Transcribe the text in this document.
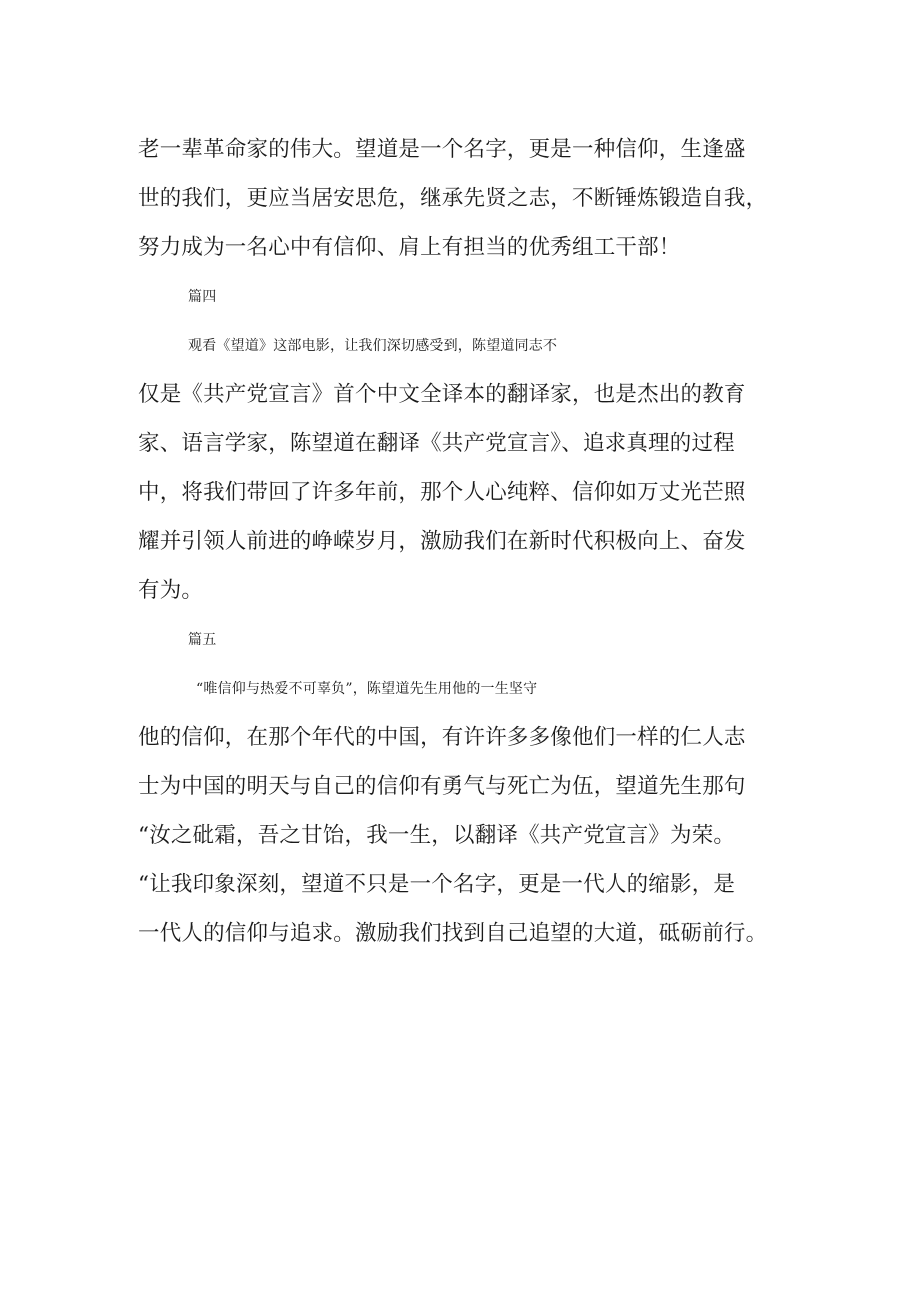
老一辈革命家的伟大。望道是一个名字，更是一种信仰，生逢盛
世的我们，更应当居安思危，继承先贤之志，不断锤炼锻造自我，
努力成为一名心中有信仰、肩上有担当的优秀组工干部！
篇四
观看《望道》这部电影，让我们深切感受到，陈望道同志不
仅是《共产党宣言》首个中文全译本的翻译家，也是杰出的教育
家、语言学家，陈望道在翻译《共产党宣言》、追求真理的过程
中，将我们带回了许多年前，那个人心纯粹、信仰如万丈光芒照
耀并引领人前进的峥嵘岁月，激励我们在新时代积极向上、奋发
有为。
篇五
“唯信仰与热爱不可辜负”，陈望道先生用他的一生坚守
他的信仰，在那个年代的中国，有许许多多像他们一样的仁人志
士为中国的明天与自己的信仰有勇气与死亡为伍，望道先生那句
“汝之砒霜，吾之甘饴，我一生，以翻译《共产党宣言》为荣。
“让我印象深刻，望道不只是一个名字，更是一代人的缩影，是
一代人的信仰与追求。激励我们找到自己追望的大道，砥砺前行。
